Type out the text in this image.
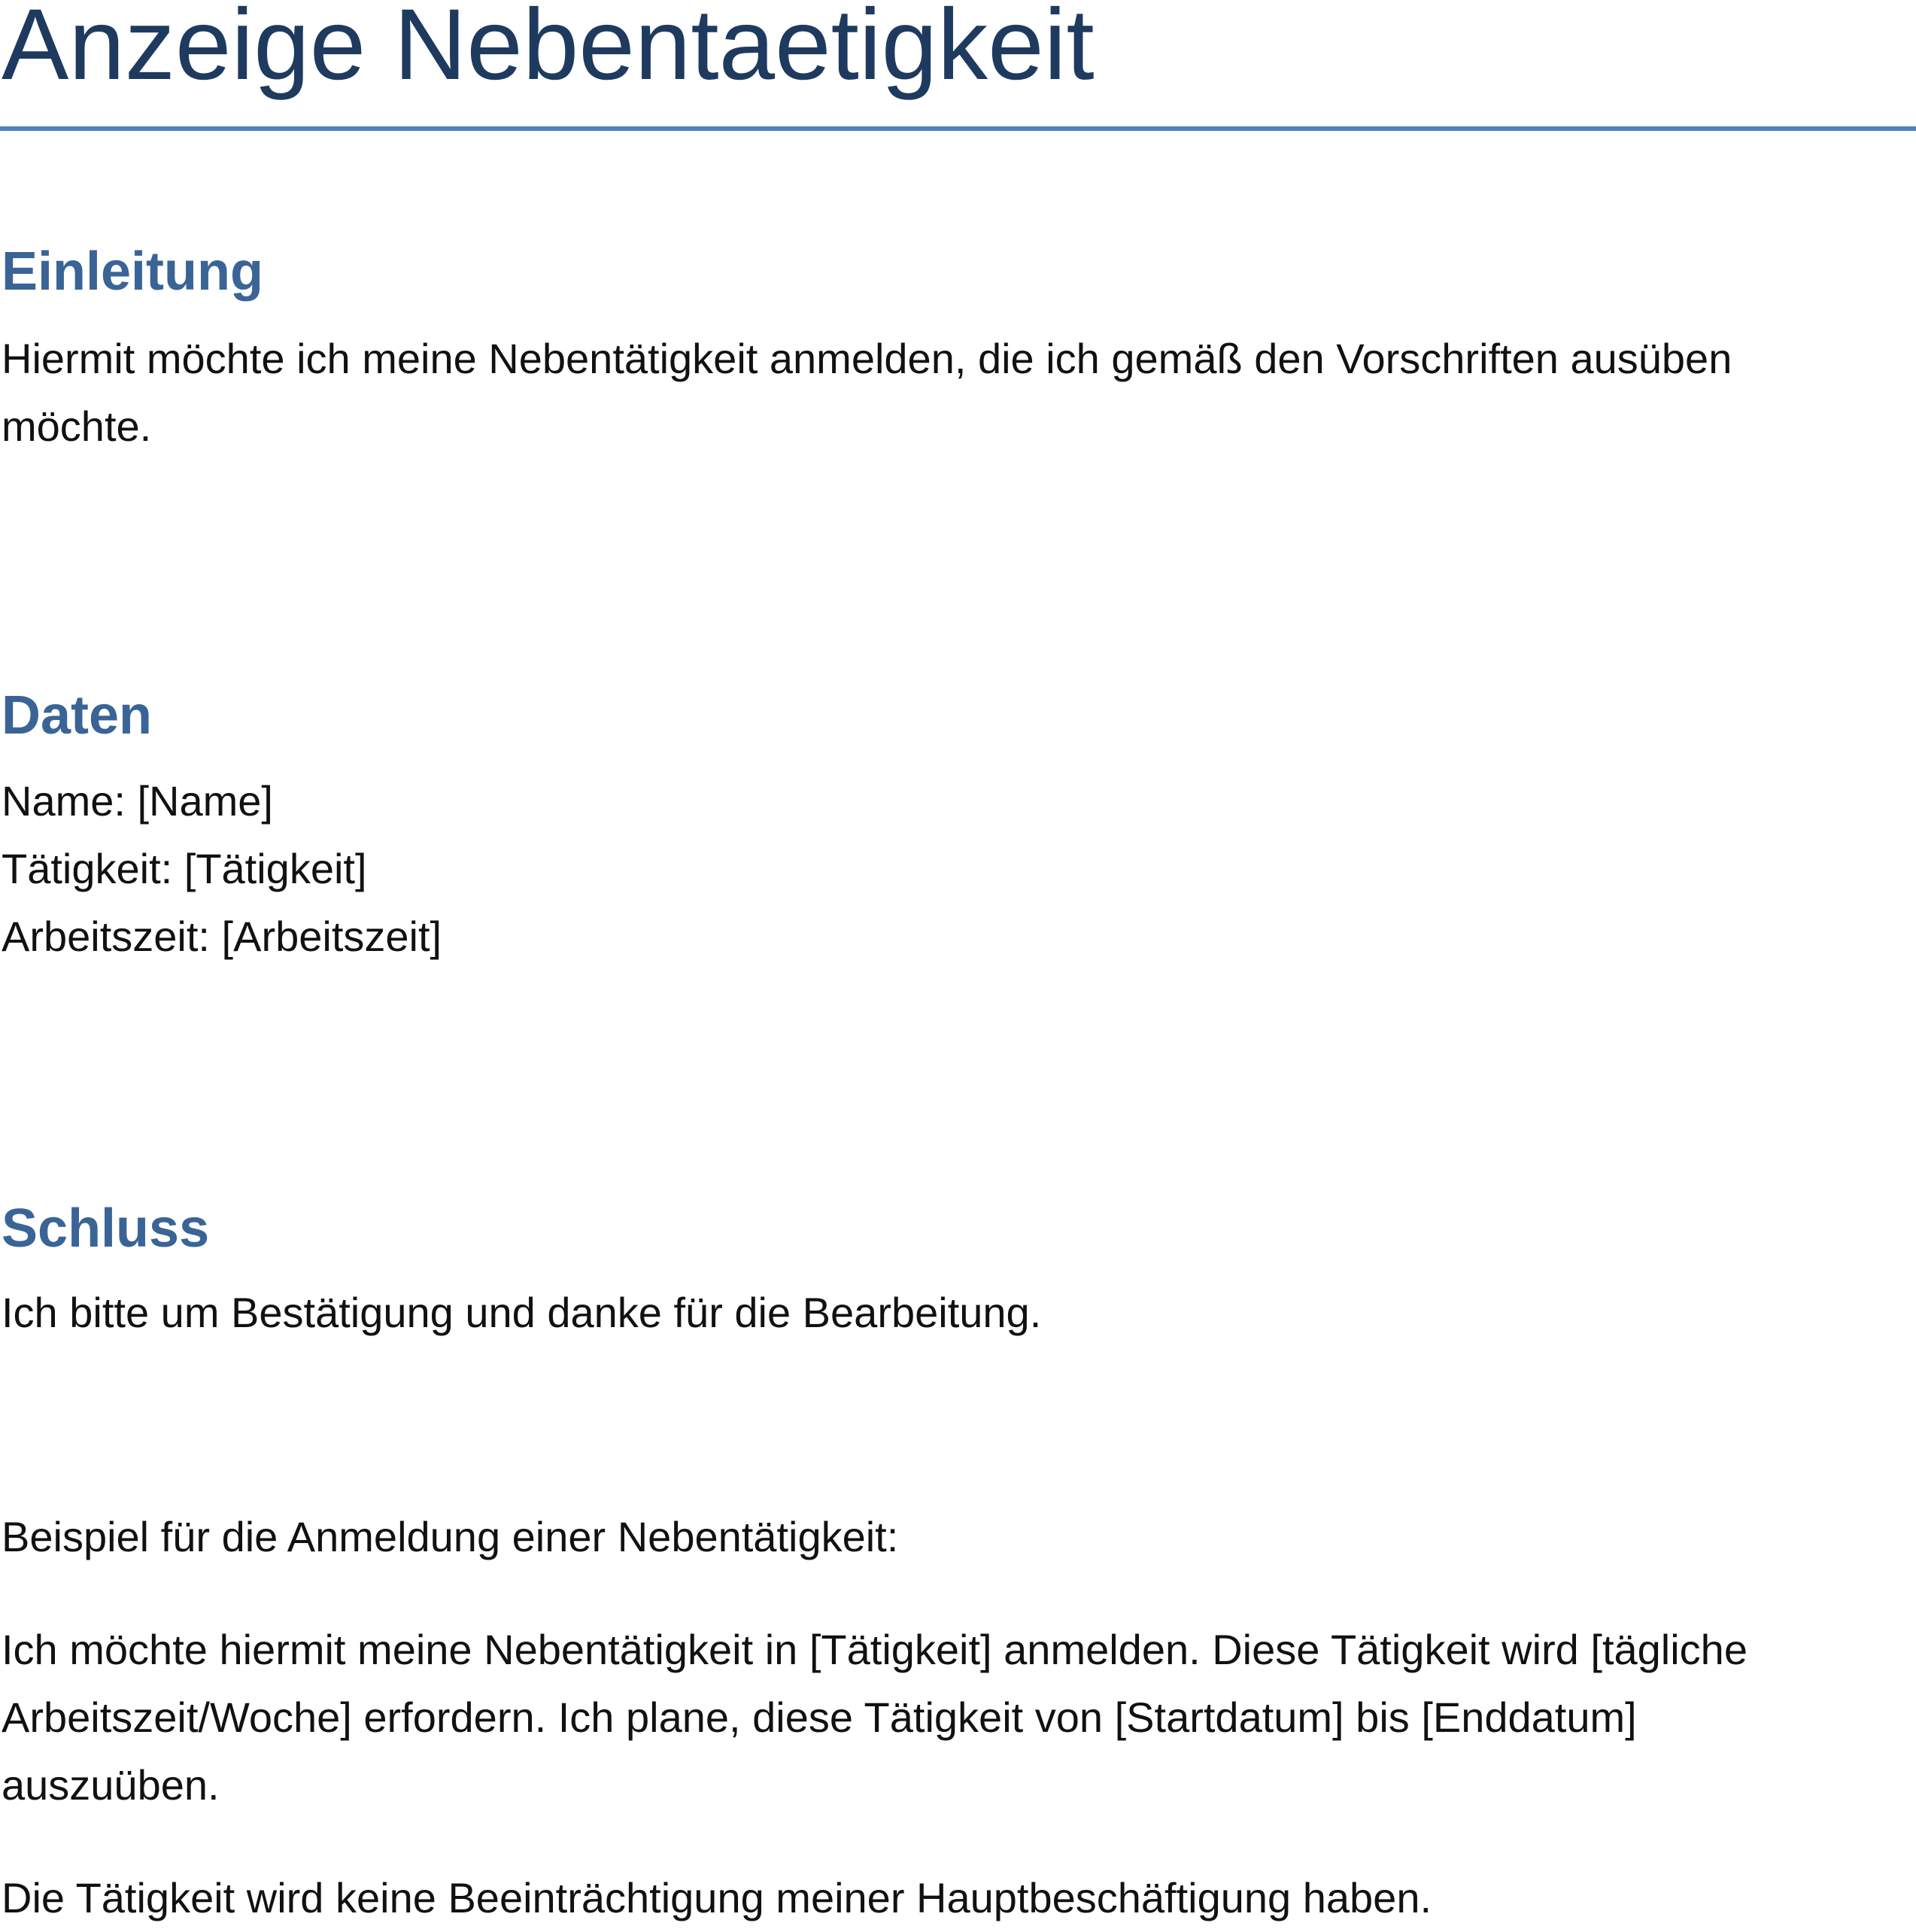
Anzeige Nebentaetigkeit
Einleitung

Hiermit möchte ich meine Nebentätigkeit anmelden, die ich gemäß den Vorschriften ausüben

möchte.

Daten

Name: [Name]

Tätigkeit: [Tätigkeit]

Arbeitszeit: [Arbeitszeit]

Schluss

Ich bitte um Bestätigung und danke für die Bearbeitung.

Beispiel für die Anmeldung einer Nebentätigkeit:

Ich möchte hiermit meine Nebentätigkeit in [Tätigkeit] anmelden. Diese Tätigkeit wird [tägliche

Arbeitszeit/Woche] erfordern. Ich plane, diese Tätigkeit von [Startdatum] bis [Enddatum]

auszuüben.

Die Tätigkeit wird keine Beeinträchtigung meiner Hauptbeschäftigung haben.
